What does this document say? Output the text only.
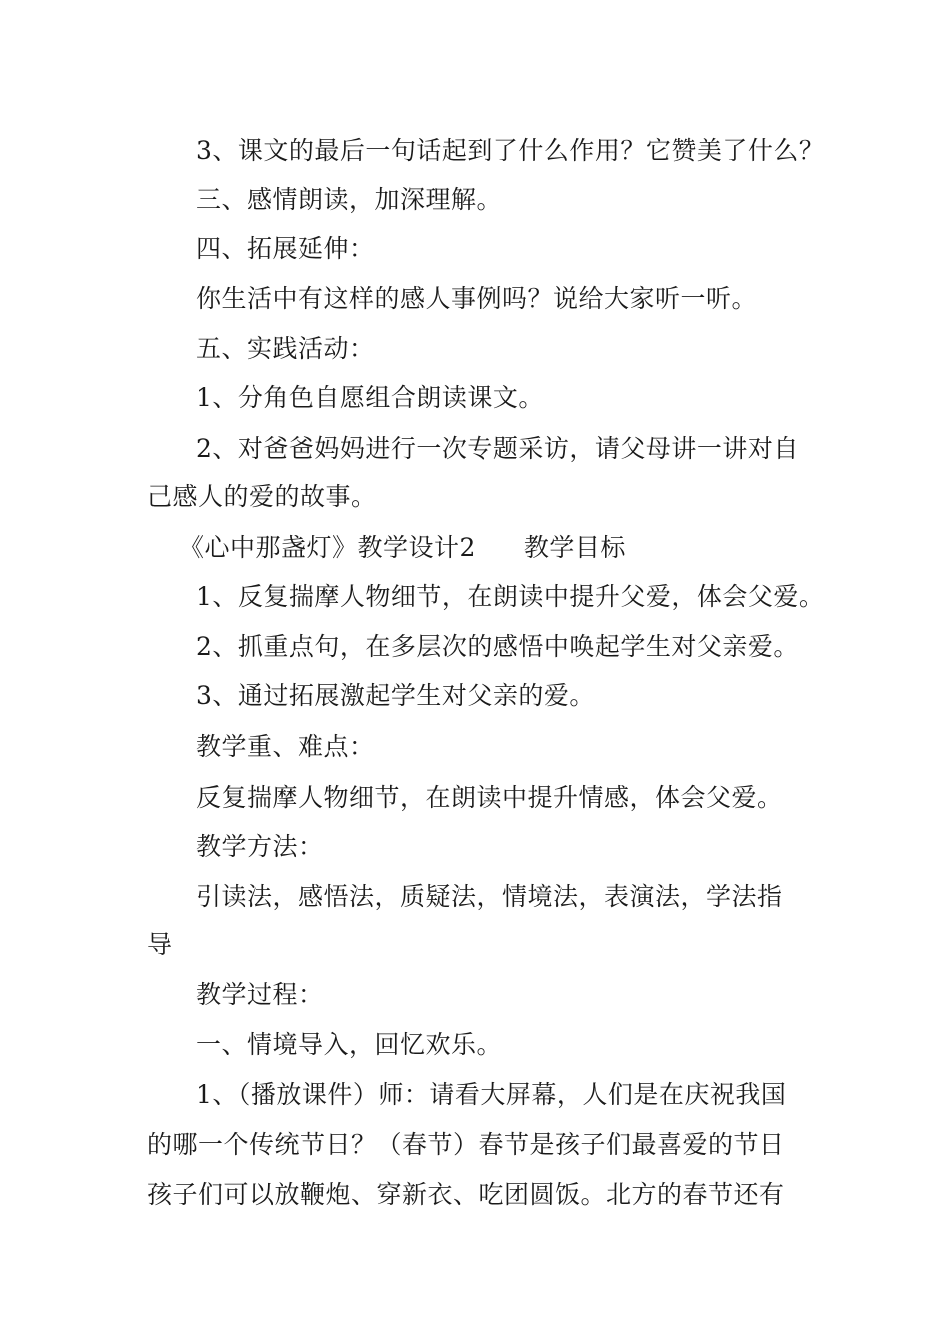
3、课文的最后一句话起到了什么作用？它赞美了什么？
三、感情朗读，加深理解。
四、拓展延伸：
你生活中有这样的感人事例吗？说给大家听一听。
五、实践活动：
1、分角色自愿组合朗读课文。
2、对爸爸妈妈进行一次专题采访，请父母讲一讲对自
己感人的爱的故事。
《心中那盏灯》教学设计2 教学目标
1、反复揣摩人物细节，在朗读中提升父爱，体会父爱。
2、抓重点句，在多层次的感悟中唤起学生对父亲爱。
3、通过拓展激起学生对父亲的爱。
教学重、难点：
反复揣摩人物细节，在朗读中提升情感，体会父爱。
教学方法：
引读法，感悟法，质疑法，情境法，表演法，学法指
导
教学过程：
一、情境导入，回忆欢乐。
1、（播放课件）师：请看大屏幕，人们是在庆祝我国
的哪一个传统节日？（春节）春节是孩子们最喜爱的节日
孩子们可以放鞭炮、穿新衣、吃团圆饭。北方的春节还有
